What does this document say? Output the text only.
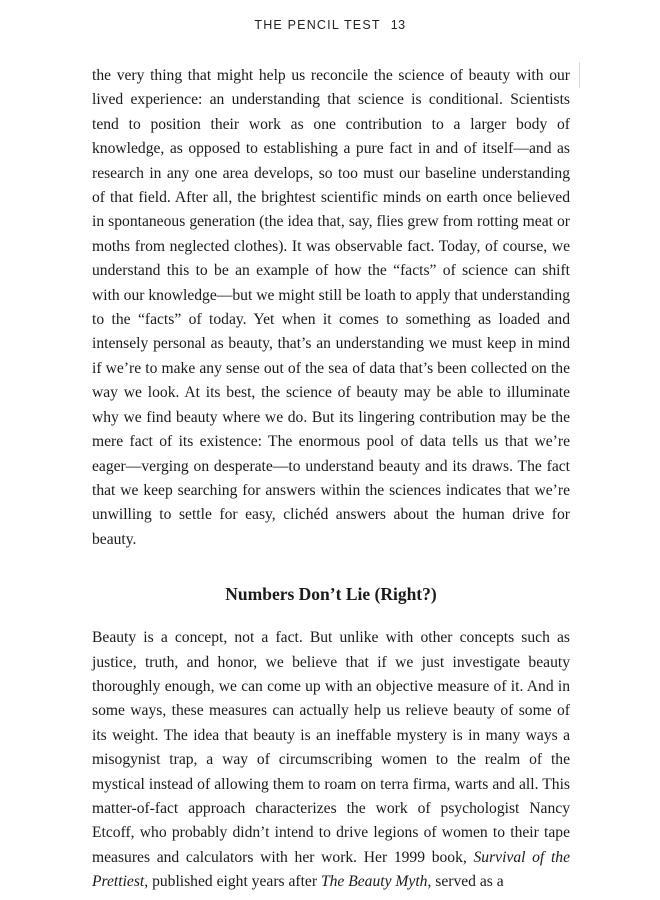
THE PENCIL TEST 13

the very thing that might help us reconcile the science of beauty with our lived experience: an understanding that science is conditional. Scientists tend to position their work as one contribution to a larger body of knowledge, as opposed to establishing a pure fact in and of itself—and as research in any one area develops, so too must our baseline understanding of that field. After all, the brightest scientific minds on earth once believed in spontaneous generation (the idea that, say, flies grew from rotting meat or moths from neglected clothes). It was observable fact. Today, of course, we understand this to be an example of how the “facts” of science can shift with our knowledge—but we might still be loath to apply that understanding to the “facts” of today. Yet when it comes to something as loaded and intensely personal as beauty, that’s an understanding we must keep in mind if we’re to make any sense out of the sea of data that’s been collected on the way we look. At its best, the science of beauty may be able to illuminate why we find beauty where we do. But its lingering contribution may be the mere fact of its existence: The enormous pool of data tells us that we’re eager—verging on desperate—to understand beauty and its draws. The fact that we keep searching for answers within the sciences indicates that we’re unwilling to settle for easy, clichéd answers about the human drive for beauty.

Numbers Don’t Lie (Right?)

Beauty is a concept, not a fact. But unlike with other concepts such as justice, truth, and honor, we believe that if we just investigate beauty thoroughly enough, we can come up with an objective measure of it. And in some ways, these measures can actually help us relieve beauty of some of its weight. The idea that beauty is an ineffable mystery is in many ways a misogynist trap, a way of circumscribing women to the realm of the mystical instead of allowing them to roam on terra firma, warts and all. This matter-of-fact approach characterizes the work of psychologist Nancy Etcoff, who probably didn’t intend to drive legions of women to their tape measures and calculators with her work. Her 1999 book, Survival of the Prettiest, published eight years after The Beauty Myth, served as a
